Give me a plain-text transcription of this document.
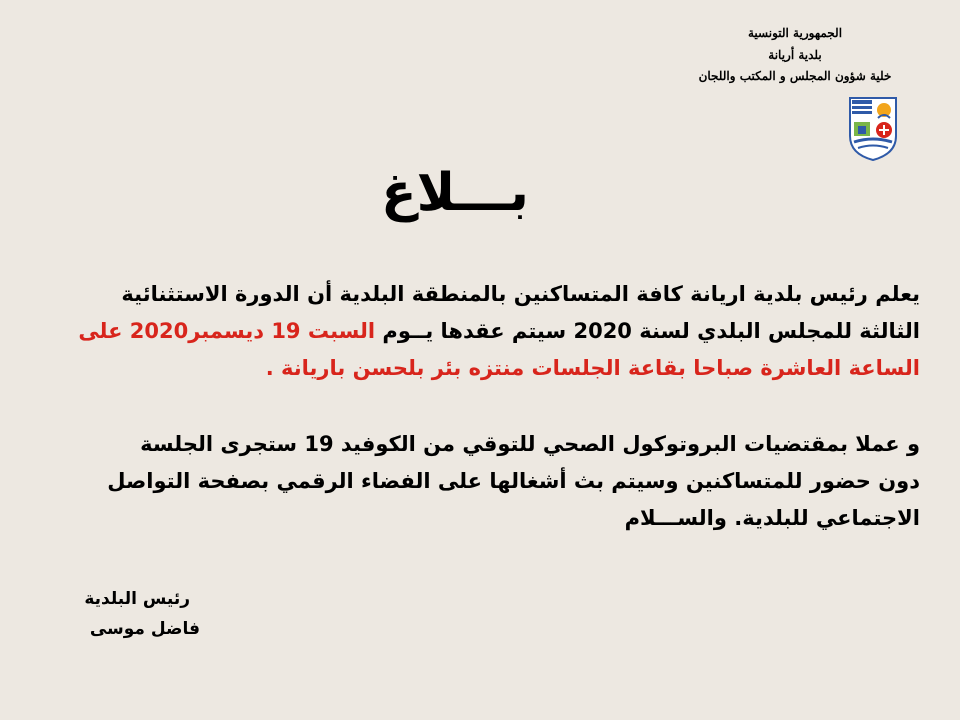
الجمهورية التونسية
بلدية أريانة
خلية شؤون المجلس و المكتب واللجان
بـــلاغ
يعلم رئيس بلدية اريانة كافة المتساكنين بالمنطقة البلدية أن الدورة الاستثنائية
الثالثة للمجلس البلدي لسنة 2020 سيتم عقدها يــوم السبت 19 ديسمبر2020 على
الساعة العاشرة صباحا بقاعة الجلسات منتزه بئر بلحسن باريانة .
و عملا بمقتضيات البروتوكول الصحي للتوقي من الكوفيد 19 ستجرى الجلسة
دون حضور للمتساكنين وسيتم بث أشغالها على الفضاء الرقمي بصفحة التواصل
الاجتماعي للبلدية. والســـلام
رئيس البلدية
فاضل موسى
